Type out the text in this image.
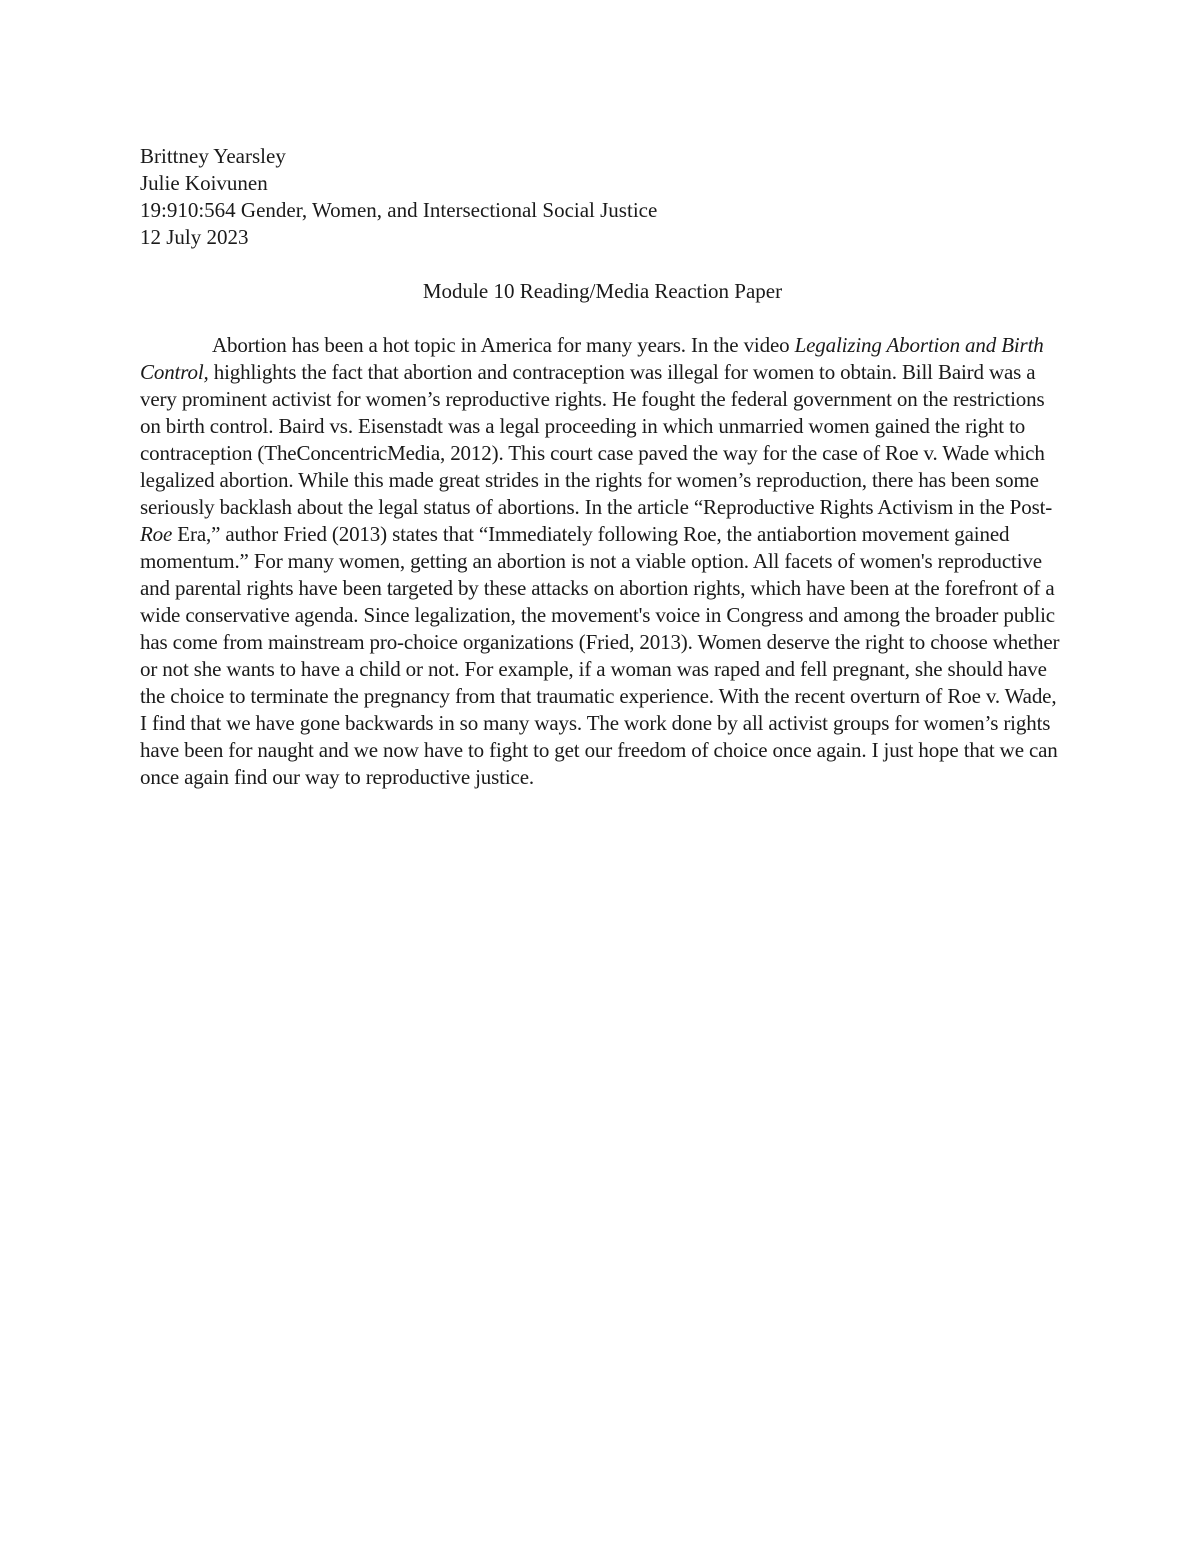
Brittney Yearsley
Julie Koivunen
19:910:564 Gender, Women, and Intersectional Social Justice
12 July 2023
Module 10 Reading/Media Reaction Paper

Abortion has been a hot topic in America for many years. In the video Legalizing Abortion and Birth Control, highlights the fact that abortion and contraception was illegal for women to obtain. Bill Baird was a very prominent activist for women’s reproductive rights. He fought the federal government on the restrictions on birth control. Baird vs. Eisenstadt was a legal proceeding in which unmarried women gained the right to contraception (TheConcentricMedia, 2012). This court case paved the way for the case of Roe v. Wade which legalized abortion. While this made great strides in the rights for women’s reproduction, there has been some seriously backlash about the legal status of abortions. In the article “Reproductive Rights Activism in the Post-Roe Era,” author Fried (2013) states that “Immediately following Roe, the antiabortion movement gained momentum.” For many women, getting an abortion is not a viable option. All facets of women's reproductive and parental rights have been targeted by these attacks on abortion rights, which have been at the forefront of a wide conservative agenda. Since legalization, the movement's voice in Congress and among the broader public has come from mainstream pro-choice organizations (Fried, 2013). Women deserve the right to choose whether or not she wants to have a child or not. For example, if a woman was raped and fell pregnant, she should have the choice to terminate the pregnancy from that traumatic experience. With the recent overturn of Roe v. Wade, I find that we have gone backwards in so many ways. The work done by all activist groups for women’s rights have been for naught and we now have to fight to get our freedom of choice once again. I just hope that we can once again find our way to reproductive justice.
